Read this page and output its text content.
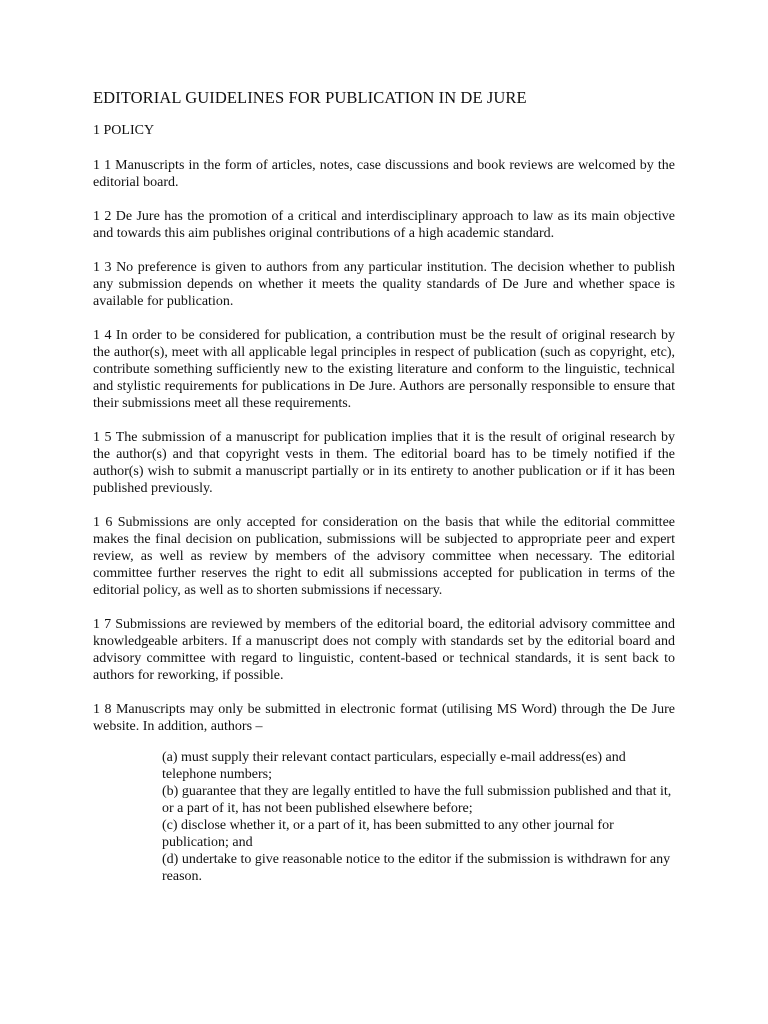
EDITORIAL GUIDELINES FOR PUBLICATION IN DE JURE
1 POLICY

1 1 Manuscripts in the form of articles, notes, case discussions and book reviews are welcomed by the editorial board.

1 2 De Jure has the promotion of a critical and interdisciplinary approach to law as its main objective and towards this aim publishes original contributions of a high academic standard.

1 3 No preference is given to authors from any particular institution. The decision whether to publish any submission depends on whether it meets the quality standards of De Jure and whether space is available for publication.

1 4 In order to be considered for publication, a contribution must be the result of original research by the author(s), meet with all applicable legal principles in respect of publication (such as copyright, etc), contribute something sufficiently new to the existing literature and conform to the linguistic, technical and stylistic requirements for publications in De Jure. Authors are personally responsible to ensure that their submissions meet all these requirements.

1 5 The submission of a manuscript for publication implies that it is the result of original research by the author(s) and that copyright vests in them. The editorial board has to be timely notified if the author(s) wish to submit a manuscript partially or in its entirety to another publication or if it has been published previously.

1 6 Submissions are only accepted for consideration on the basis that while the editorial committee makes the final decision on publication, submissions will be subjected to appropriate peer and expert review, as well as review by members of the advisory committee when necessary. The editorial committee further reserves the right to edit all submissions accepted for publication in terms of the editorial policy, as well as to shorten submissions if necessary.

1 7 Submissions are reviewed by members of the editorial board, the editorial advisory committee and knowledgeable arbiters. If a manuscript does not comply with standards set by the editorial board and advisory committee with regard to linguistic, content-based or technical standards, it is sent back to authors for reworking, if possible.

1 8 Manuscripts may only be submitted in electronic format (utilising MS Word) through the De Jure website. In addition, authors –

(a) must supply their relevant contact particulars, especially e-mail address(es) and telephone numbers;
(b) guarantee that they are legally entitled to have the full submission published and that it, or a part of it, has not been published elsewhere before;
(c) disclose whether it, or a part of it, has been submitted to any other journal for publication; and
(d) undertake to give reasonable notice to the editor if the submission is withdrawn for any reason.
